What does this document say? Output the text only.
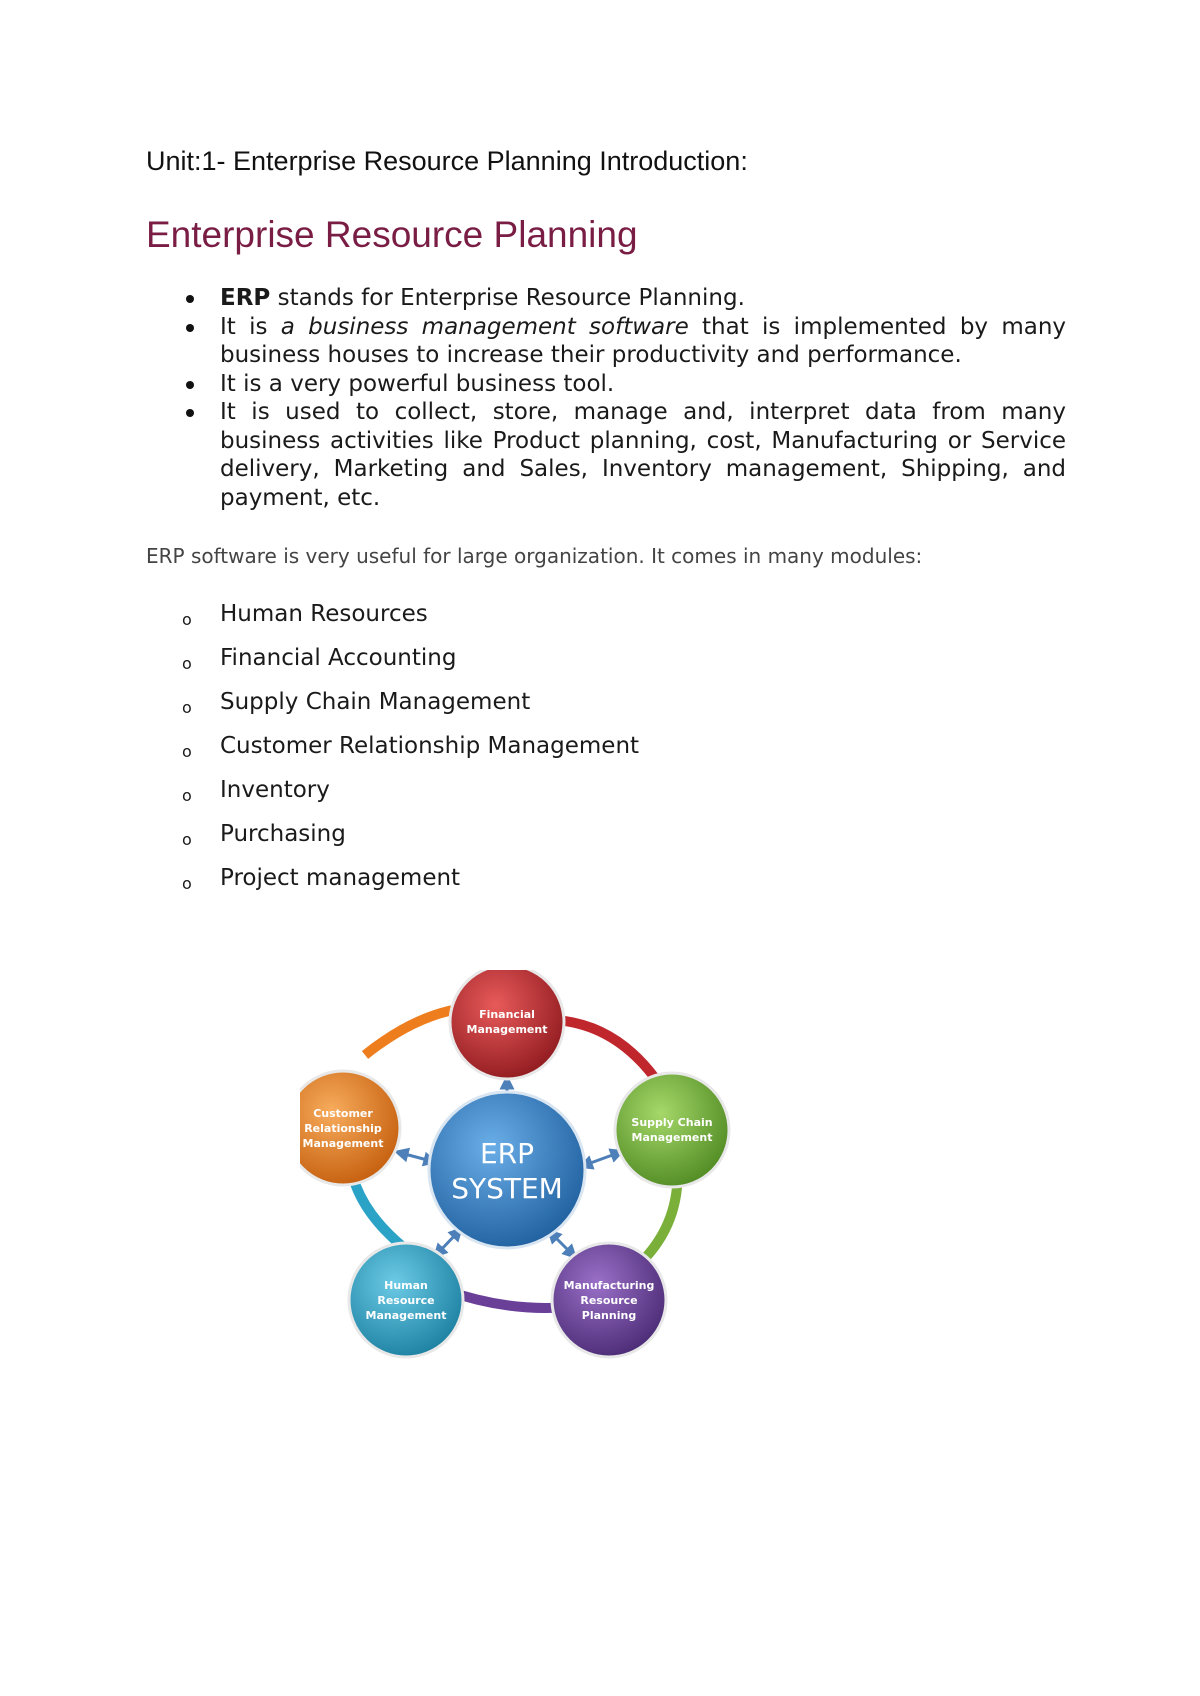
Unit:1- Enterprise Resource Planning Introduction:
Enterprise Resource Planning
ERP stands for Enterprise Resource Planning.
It is a business management software that is implemented by many business houses to increase their productivity and performance.
It is a very powerful business tool.
It is used to collect, store, manage and, interpret data from many business activities like Product planning, cost, Manufacturing or Service delivery, Marketing and Sales, Inventory management, Shipping, and payment, etc.
ERP software is very useful for large organization. It comes in many modules:
o Human Resources
o Financial Accounting
o Supply Chain Management
o Customer Relationship Management
o Inventory
o Purchasing
o Project management
ERP
SYSTEM
Financial
Management
Supply Chain
Management
Manufacturing
Resource
Planning
Human
Resource
Management
Customer
Relationship
Management
